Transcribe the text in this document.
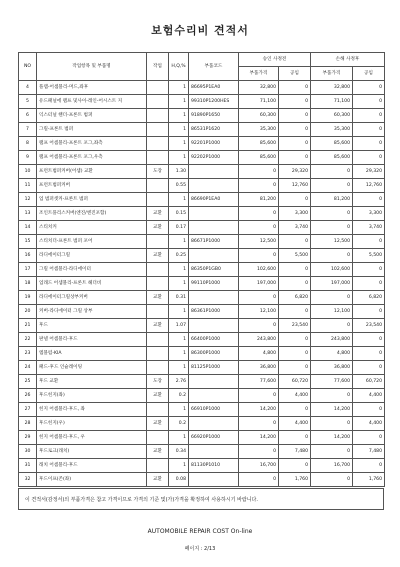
보험수리비 견적서
NO	작업항목 및 부품명	작업	H,Q,%	부품코드	승인 사정전		손해 사정후	
					부품가격	공임	부품가격	공임
4	플랩-어셈블리-머드,좌후		1	86695P1EA0	32,800	0	32,800	0
5	유드패널에 램프 및사이-레인-어시스트 지		1	99310P1200HES	71,100	0	71,100	0
6	익스터널 핸더-프론트 범퍼		1	91890P1650	60,300	0	60,300	0
7	그릴-프론트 범퍼		1	86531P1620	35,300	0	35,300	0
8	램프 어셈블리-프론트 포그,좌측		1	92201P1000	85,600	0	85,600	0
9	램프 어셈블리-프론트 포그,우측		1	92202P1000	85,600	0	85,600	0
10	프런트범퍼커버(어셈) 교환	도장	1.30		0	29,320	0	29,320
11	프런트범퍼커버		0.55		0	12,760	0	12,760
12	업 범퍼셋커-프론트 범퍼		1	86690P1EA0	81,200	0	81,200	0
13	조인트플리스커버(엔진/엔진포함)	교환	0.15		0	3,300	0	3,300
14	스티치커	교환	0.17		0	3,740	0	3,740
15	스티치더-프론트 범퍼 포어		1	86671P1000	12,500	0	12,500	0
16	라디에이터그릴	교환	0.25		0	5,500	0	5,500
17	그릴 어셈블리-라디에이터		1	86350P1GB0	102,600	0	102,600	0
18	업래드 어셈블리-프론트 헤더비		1	99110P1000	197,000	0	197,000	0
19	라디에이터그릴상부커버	교환	0.31		0	6,820	0	6,820
20	커버-라디에이터 그릴 상부		1	86361P1000	12,100	0	12,100	0
21	후드	교환	1.07		0	23,540	0	23,540
22	판넬 어셈블리-후드		1	66400P1000	243,800	0	243,800	0
23	엠블럼-KIA		1	86300P1000	4,800	0	4,800	0
24	패드-후드 인슐레이팅		1	81125P1000	36,800	0	36,800	0
25	후드 교환	도장	2.76		77,600	60,720	77,600	60,720
26	후드힌지(좌)	교환	0.2		0	4,400	0	4,400
27	힌지 어셈블리-후드, 좌		1	66910P1000	14,200	0	14,200	0
28	후드힌지(우)	교환	0.2		0	4,400	0	4,400
29	힌지 어셈블리-후드, 우		1	66920P1000	14,200	0	14,200	0
30	후드로크(래치)	교환	0.34		0	7,480	0	7,480
31	래치 어셈블리-후드		1	81130P1010	16,700	0	16,700	0
32	후드이프(존(좌)	교환	0.08		0	1,760	0	1,760
이 견적서(감정서)의 부품가격은 참고 가격이므로 가격의 기준 및(가)가격을 확정하여 사용하시기 바랍니다.
AUTOMOBILE REPAIR COST On-line
페이지 : 2/13
